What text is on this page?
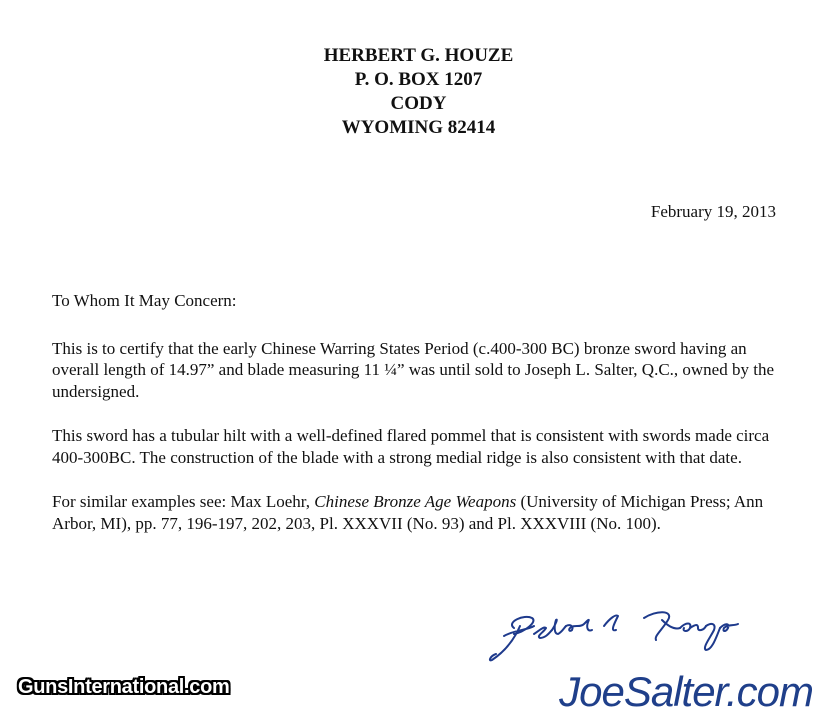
HERBERT G. HOUZE
P. O. BOX 1207
CODY
WYOMING 82414
February 19, 2013

To Whom It May Concern:

This is to certify that the early Chinese Warring States Period (c.400-300 BC) bronze sword having an overall length of 14.97” and blade measuring 11 ¼” was until sold to Joseph L. Salter, Q.C., owned by the undersigned.

This sword has a tubular hilt with a well-defined flared pommel that is consistent with swords made circa 400-300BC. The construction of the blade with a strong medial ridge is also consistent with that date.

For similar examples see: Max Loehr, Chinese Bronze Age Weapons (University of Michigan Press; Ann Arbor, MI), pp. 77, 196-197, 202, 203, Pl. XXXVII (No. 93) and Pl. XXXVIII (No. 100).

Herbert G. Houze
GunsInternational.com	JoeSalter.com
